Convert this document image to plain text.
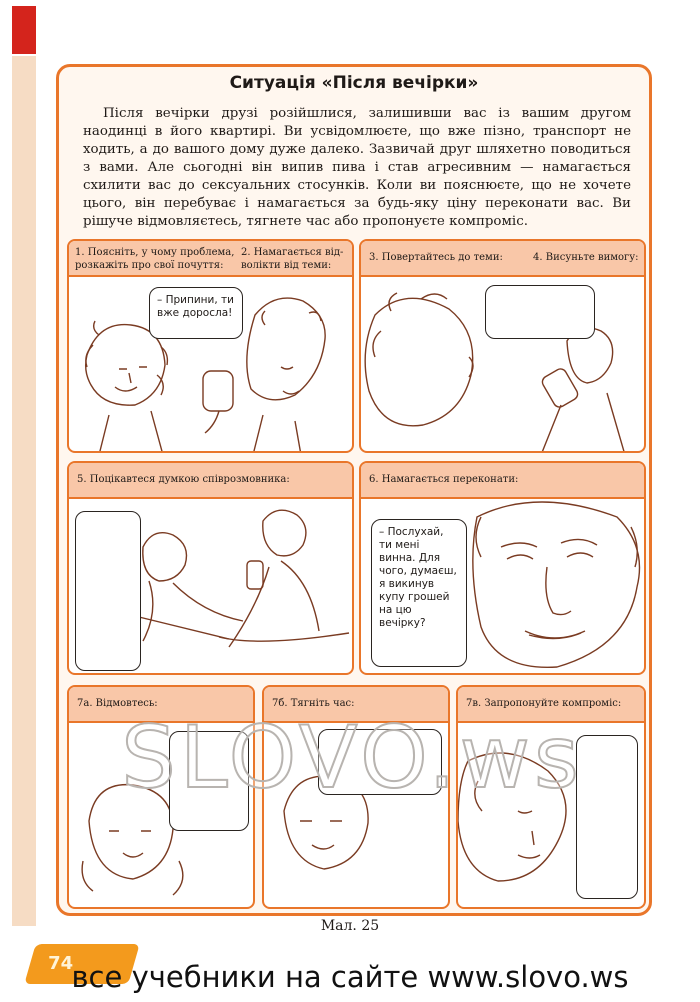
Ситуація «Після вечірки»

Після вечірки друзі розійшлися, залишивши вас із вашим другом наодинці в його квартирі. Ви усвідомлюєте, що вже пізно, транспорт не ходить, а до вашого дому дуже далеко. Зазвичай друг шляхетно поводиться з вами. Але сьогодні він випив пива і став агресивним — намагається схилити вас до сексуальних стосунків. Коли ви пояснюєте, що не хочете цього, він перебуває і намагається за будь-яку ціну переконати вас. Ви рішуче відмовляєтесь, тягнете час або пропонуєте компроміс.

1. Поясніть, у чому проблема, розкажіть про свої почуття:
2. Намагається від-волікти від теми:
– Припини, ти вже доросла!
3. Повертайтесь до теми:	4. Висуньте вимогу:
5. Поцікавтеся думкою співрозмовника:	6. Намагається переконати:
– Послухай, ти мені винна. Для чого, думаєш, я викинув купу грошей на цю вечірку?
7а. Відмовтесь:	7б. Тягніть час:	7в. Запропонуйте компроміс:
SLOVO.ws
Мал. 25
74
все учебники на сайте www.slovo.ws
